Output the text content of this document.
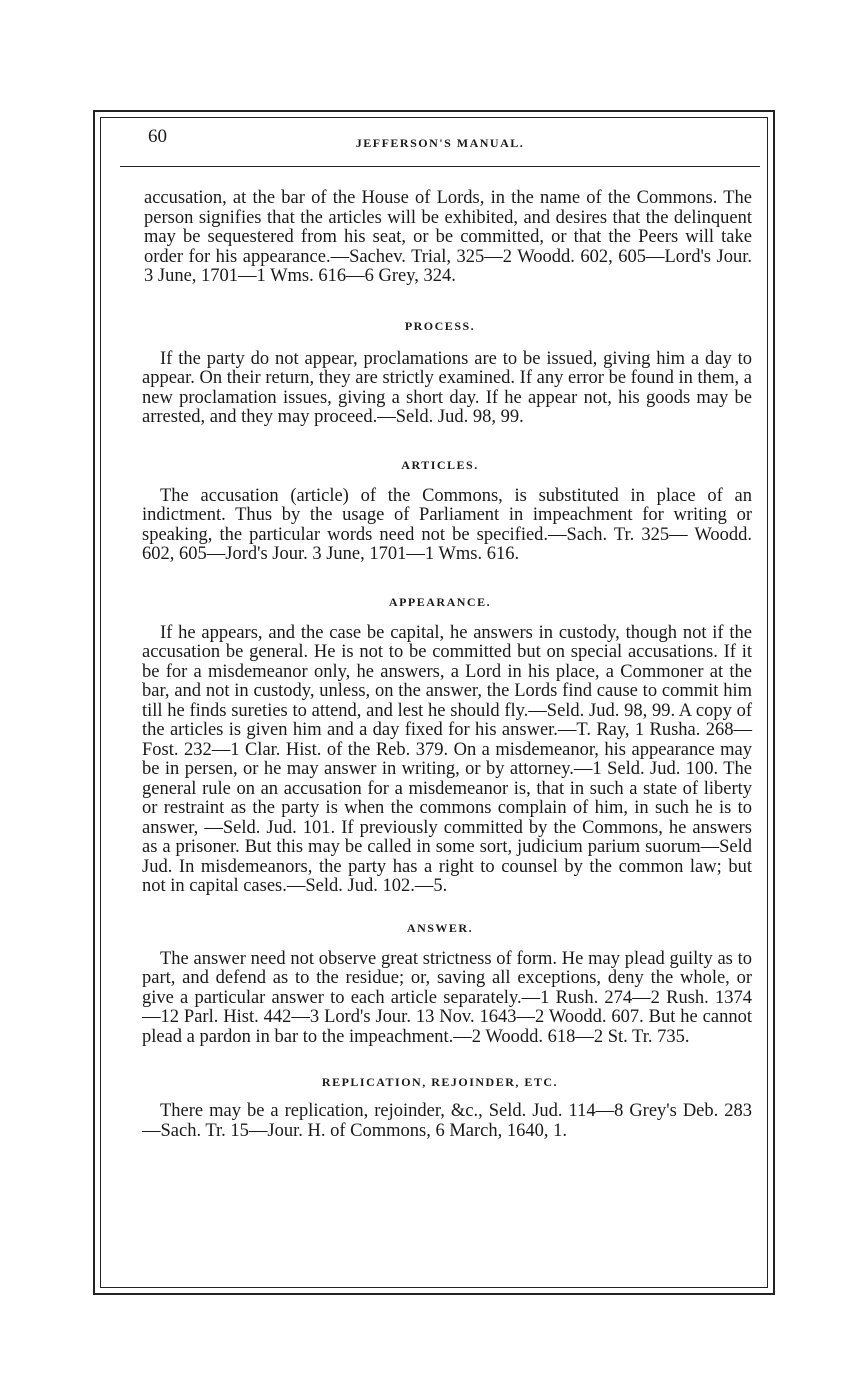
60	JEFFERSON'S MANUAL.

accusation, at the bar of the House of Lords, in the name of the Commons. The person signifies that the articles will be exhibited, and desires that the delinquent may be sequestered from his seat, or be committed, or that the Peers will take order for his appearance.—Sachev. Trial, 325—2 Woodd. 602, 605—Lord's Jour. 3 June, 1701—1 Wms. 616—6 Grey, 324.

PROCESS.

If the party do not appear, proclamations are to be issued, giving him a day to appear. On their return, they are strictly examined. If any error be found in them, a new proclamation issues, giving a short day. If he appear not, his goods may be arrested, and they may proceed.—Seld. Jud. 98, 99.

ARTICLES.

The accusation (article) of the Commons, is substituted in place of an indictment. Thus by the usage of Parliament in impeachment for writing or speaking, the particular words need not be specified.—Sach. Tr. 325— Woodd. 602, 605—Jord's Jour. 3 June, 1701—1 Wms. 616.

APPEARANCE.

If he appears, and the case be capital, he answers in custody, though not if the accusation be general. He is not to be committed but on special accusations. If it be for a misdemeanor only, he answers, a Lord in his place, a Commoner at the bar, and not in custody, unless, on the answer, the Lords find cause to commit him till he finds sureties to attend, and lest he should fly.—Seld. Jud. 98, 99. A copy of the articles is given him and a day fixed for his answer.—T. Ray, 1 Rusha. 268—Fost. 232—1 Clar. Hist. of the Reb. 379. On a misdemeanor, his appearance may be in persen, or he may answer in writing, or by attorney.—1 Seld. Jud. 100. The general rule on an accusation for a misdemeanor is, that in such a state of liberty or restraint as the party is when the commons complain of him, in such he is to answer, —Seld. Jud. 101. If previously committed by the Commons, he answers as a prisoner. But this may be called in some sort, judicium parium suorum—Seld Jud. In misdemeanors, the party has a right to counsel by the common law; but not in capital cases.—Seld. Jud. 102.—5.

ANSWER.

The answer need not observe great strictness of form. He may plead guilty as to part, and defend as to the residue; or, saving all exceptions, deny the whole, or give a particular answer to each article separately.—1 Rush. 274—2 Rush. 1374—12 Parl. Hist. 442—3 Lord's Jour. 13 Nov. 1643—2 Woodd. 607. But he cannot plead a pardon in bar to the impeachment.—2 Woodd. 618—2 St. Tr. 735.

REPLICATION, REJOINDER, ETC.

There may be a replication, rejoinder, &c., Seld. Jud. 114—8 Grey's Deb. 283—Sach. Tr. 15—Jour. H. of Commons, 6 March, 1640, 1.
